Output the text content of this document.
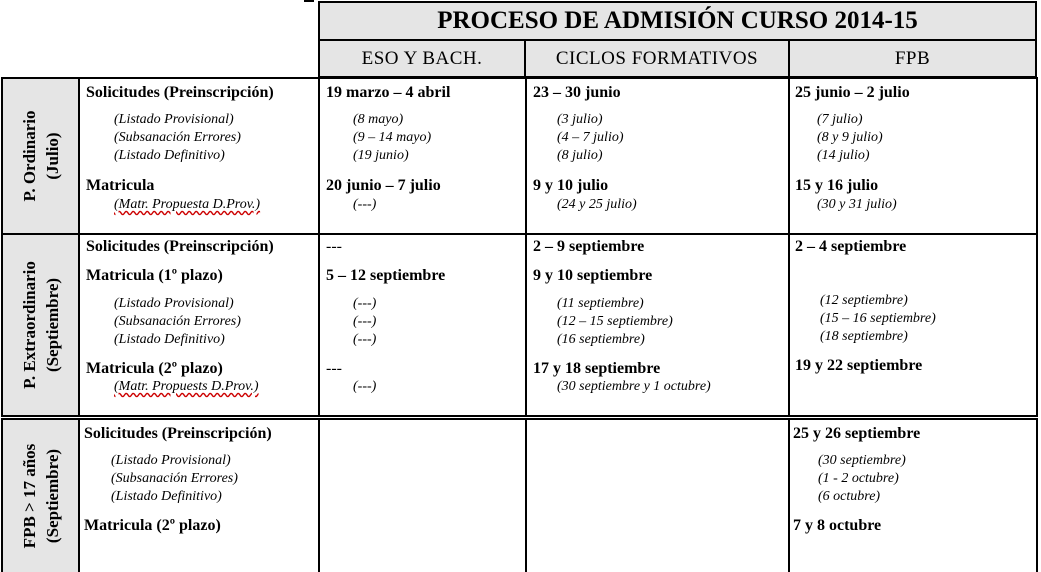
PROCESO DE ADMISIÓN CURSO 2014-15
ESO Y BACH.	CICLOS FORMATIVOS	FPB
P. Ordinario (Julio)
Solicitudes (Preinscripción)
(Listado Provisional)
(Subsanación Errores)
(Listado Definitivo)
Matricula
(Matr. Propuesta D.Prov.)
19 marzo – 4 abril
(8 mayo)
(9 – 14 mayo)
(19 junio)
20 junio – 7 julio
(---)
23 – 30 junio
(3 julio)
(4 – 7 julio)
(8 julio)
9 y 10 julio
(24 y 25 julio)
25 junio – 2 julio
(7 julio)
(8 y 9 julio)
(14 julio)
15 y 16 julio
(30 y 31 julio)
P. Extraordinario (Septiembre)
Solicitudes (Preinscripción)
Matricula (1º plazo)
(Listado Provisional)
(Subsanación Errores)
(Listado Definitivo)
Matricula (2º plazo)
(Matr. Propuests D.Prov.)
---
5 – 12 septiembre
(---)
(---)
(---)
---
(---)
2 – 9 septiembre
9 y 10 septiembre
(11 septiembre)
(12 – 15 septiembre)
(16 septiembre)
17 y 18 septiembre
(30 septiembre y 1 octubre)
2 – 4 septiembre
(12 septiembre)
(15 – 16 septiembre)
(18 septiembre)
19 y 22 septiembre
FPB > 17 años (Septiembre)
Solicitudes (Preinscripción)
(Listado Provisional)
(Subsanación Errores)
(Listado Definitivo)
Matricula (2º plazo)
25 y 26 septiembre
(30 septiembre)
(1 - 2 octubre)
(6 octubre)
7 y 8 octubre
